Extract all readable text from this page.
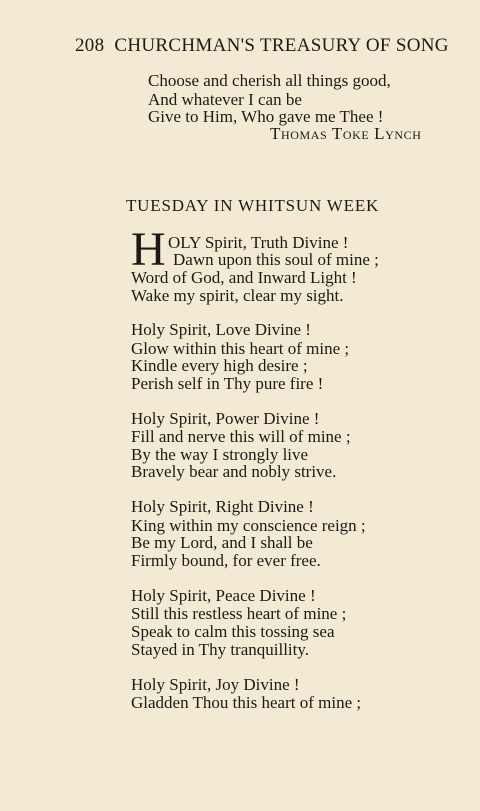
208 CHURCHMAN'S TREASURY OF SONG
Choose and cherish all things good,
And whatever I can be
Give to Him, Who gave me Thee !
Thomas Toke Lynch
TUESDAY IN WHITSUN WEEK
H OLY Spirit, Truth Divine !
Dawn upon this soul of mine ;
Word of God, and Inward Light !
Wake my spirit, clear my sight.
Holy Spirit, Love Divine !
Glow within this heart of mine ;
Kindle every high desire ;
Perish self in Thy pure fire !
Holy Spirit, Power Divine !
Fill and nerve this will of mine ;
By the way I strongly live
Bravely bear and nobly strive.
Holy Spirit, Right Divine !
King within my conscience reign ;
Be my Lord, and I shall be
Firmly bound, for ever free.
Holy Spirit, Peace Divine !
Still this restless heart of mine ;
Speak to calm this tossing sea
Stayed in Thy tranquillity.
Holy Spirit, Joy Divine !
Gladden Thou this heart of mine ;
